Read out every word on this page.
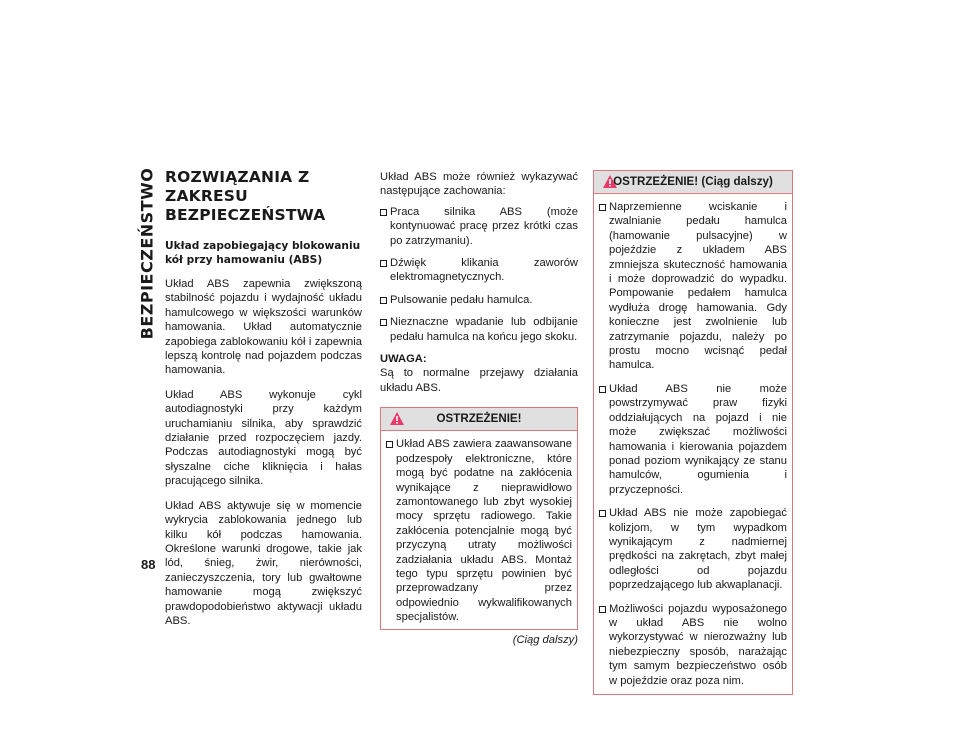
BEZPIECZEŃSTWO
88
ROZWIĄZANIA Z ZAKRESU BEZPIECZEŃSTWA
Układ zapobiegający blokowaniu kół przy hamowaniu (ABS)

Układ ABS zapewnia zwiększoną stabilność pojazdu i wydajność układu hamulcowego w większości warunków hamowania. Układ automatycznie zapobiega zablokowaniu kół i zapewnia lepszą kontrolę nad pojazdem podczas hamowania.

Układ ABS wykonuje cykl autodiagnostyki przy każdym uruchamianiu silnika, aby sprawdzić działanie przed rozpoczęciem jazdy. Podczas autodiagnostyki mogą być słyszalne ciche kliknięcia i hałas pracującego silnika.

Układ ABS aktywuje się w momencie wykrycia zablokowania jednego lub kilku kół podczas hamowania. Określone warunki drogowe, takie jak lód, śnieg, żwir, nierówności, zanieczyszczenia, tory lub gwałtowne hamowanie mogą zwiększyć prawdopodobieństwo aktywacji układu ABS.

Układ ABS może również wykazywać następujące zachowania:

Praca silnika ABS (może kontynuować pracę przez krótki czas po zatrzymaniu).
Dźwięk klikania zaworów elektromagnetycznych.
Pulsowanie pedału hamulca.
Nieznaczne wpadanie lub odbijanie pedału hamulca na końcu jego skoku.

UWAGA:

Są to normalne przejawy działania układu ABS.

OSTRZEŻENIE!
Układ ABS zawiera zaawansowane podzespoły elektroniczne, które mogą być podatne na zakłócenia wynikające z nieprawidłowo zamontowanego lub zbyt wysokiej mocy sprzętu radiowego. Takie zakłócenia potencjalnie mogą być przyczyną utraty możliwości zadziałania układu ABS. Montaż tego typu sprzętu powinien być przeprowadzany przez odpowiednio wykwalifikowanych specjalistów.
(Ciąg dalszy)
OSTRZEŻENIE! (Ciąg dalszy)
Naprzemienne wciskanie i zwalnianie pedału hamulca (hamowanie pulsacyjne) w pojeździe z układem ABS zmniejsza skuteczność hamowania i może doprowadzić do wypadku. Pompowanie pedałem hamulca wydłuża drogę hamowania. Gdy konieczne jest zwolnienie lub zatrzymanie pojazdu, należy po prostu mocno wcisnąć pedał hamulca.
Układ ABS nie może powstrzymywać praw fizyki oddziałujących na pojazd i nie może zwiększać możliwości hamowania i kierowania pojazdem ponad poziom wynikający ze stanu hamulców, ogumienia i przyczepności.
Układ ABS nie może zapobiegać kolizjom, w tym wypadkom wynikającym z nadmiernej prędkości na zakrętach, zbyt małej odległości od pojazdu poprzedzającego lub akwaplanacji.
Możliwości pojazdu wyposażonego w układ ABS nie wolno wykorzystywać w nierozważny lub niebezpieczny sposób, narażając tym samym bezpieczeństwo osób w pojeździe oraz poza nim.
